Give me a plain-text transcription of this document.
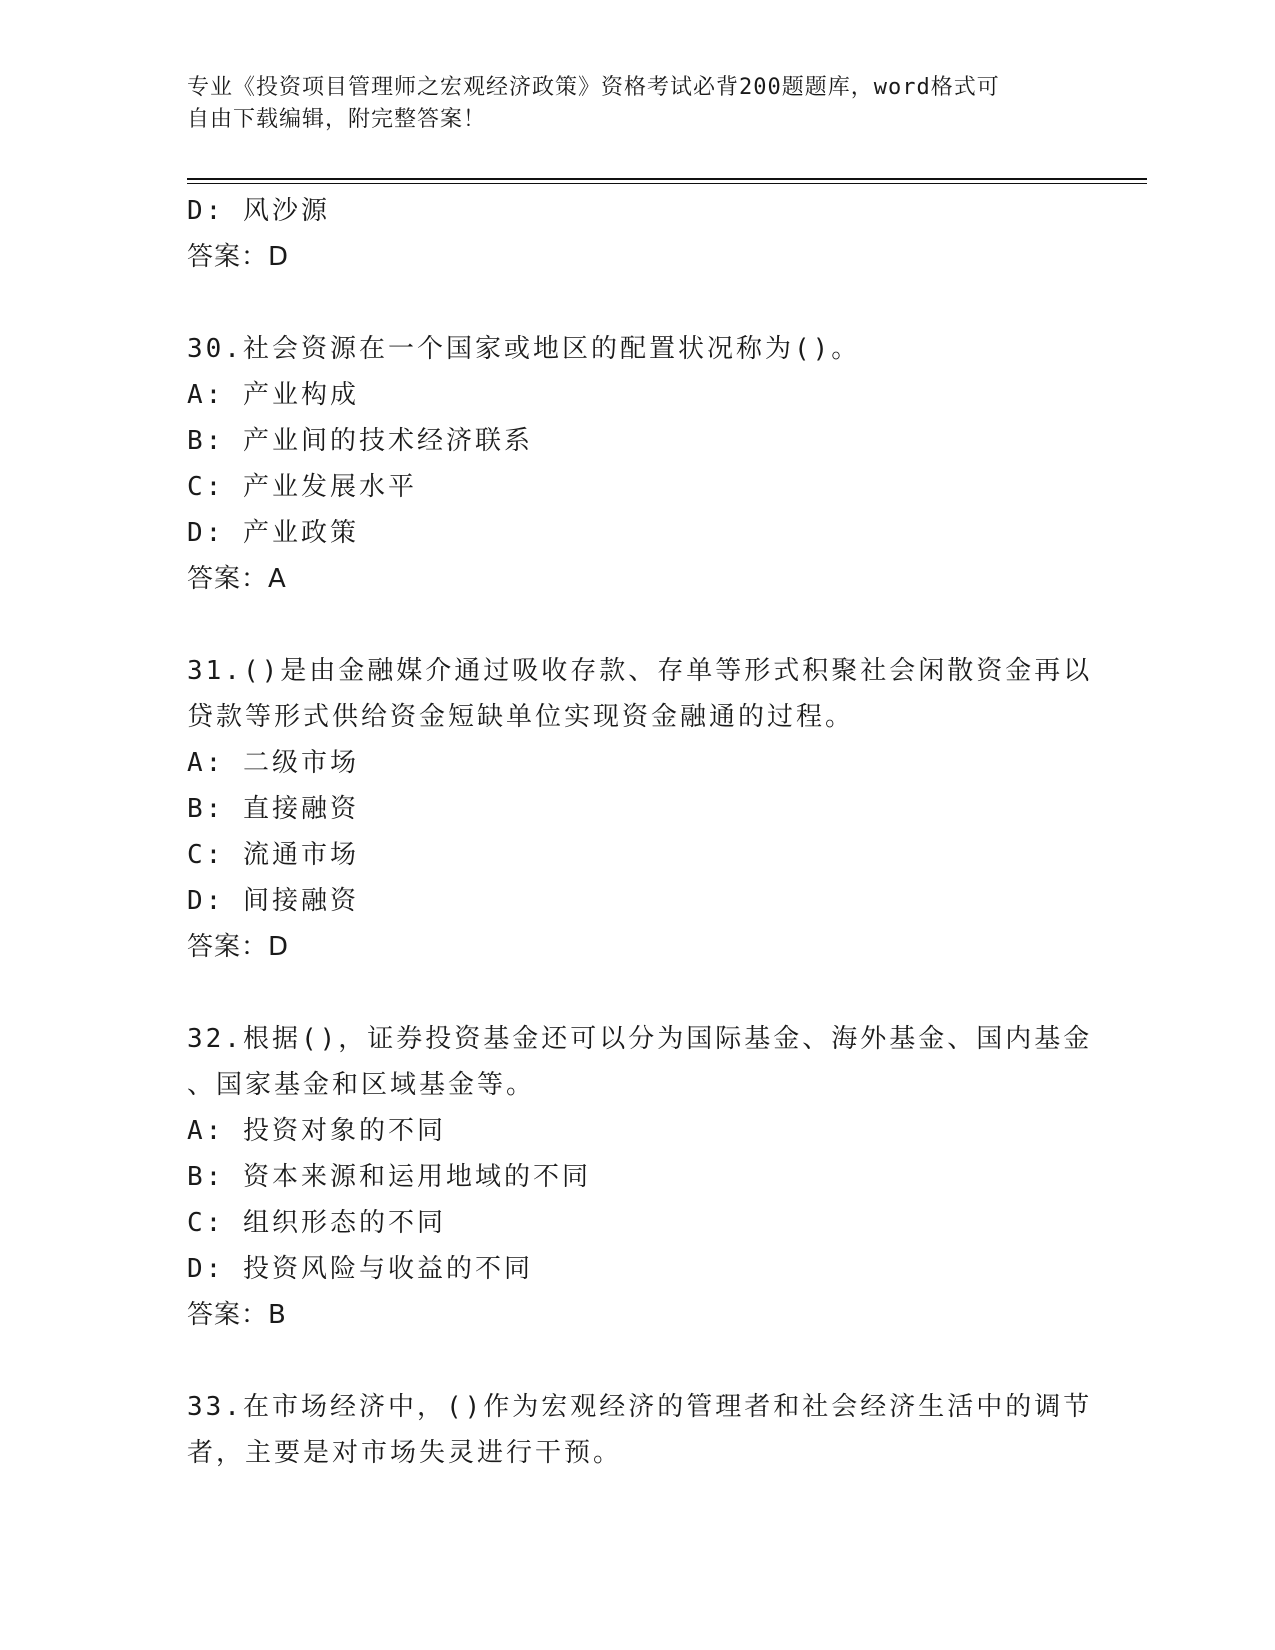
专业《投资项目管理师之宏观经济政策》资格考试必背200题题库，word格式可

自由下载编辑，附完整答案！

D: 风沙源

答案：D

30.社会资源在一个国家或地区的配置状况称为()。

A: 产业构成

B: 产业间的技术经济联系

C: 产业发展水平

D: 产业政策

答案：A

31.()是由金融媒介通过吸收存款、存单等形式积聚社会闲散资金再以

贷款等形式供给资金短缺单位实现资金融通的过程。

A: 二级市场

B: 直接融资

C: 流通市场

D: 间接融资

答案：D

32.根据()，证券投资基金还可以分为国际基金、海外基金、国内基金

、国家基金和区域基金等。

A: 投资对象的不同

B: 资本来源和运用地域的不同

C: 组织形态的不同

D: 投资风险与收益的不同

答案：B

33.在市场经济中，()作为宏观经济的管理者和社会经济生活中的调节

者，主要是对市场失灵进行干预。
